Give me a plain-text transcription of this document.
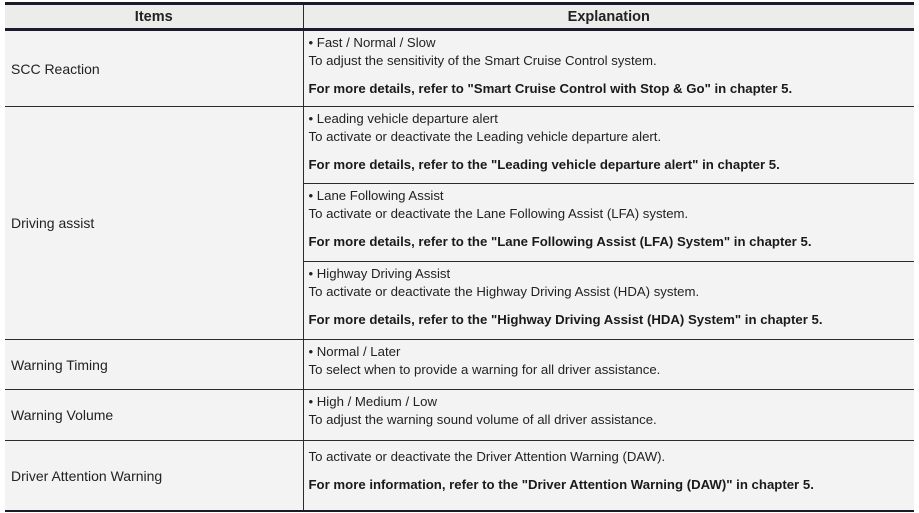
Items	Explanation
SCC Reaction	• Fast / Normal / Slow
To adjust the sensitivity of the Smart Cruise Control system.
For more details, refer to "Smart Cruise Control with Stop & Go" in chapter 5.

Driving assist	• Leading vehicle departure alert
To activate or deactivate the Leading vehicle departure alert.
For more details, refer to the "Leading vehicle departure alert" in chapter 5.

	• Lane Following Assist
To activate or deactivate the Lane Following Assist (LFA) system.
For more details, refer to the "Lane Following Assist (LFA) System" in chapter 5.

	• Highway Driving Assist
To activate or deactivate the Highway Driving Assist (HDA) system.
For more details, refer to the "Highway Driving Assist (HDA) System" in chapter 5.

Warning Timing	• Normal / Later
To select when to provide a warning for all driver assistance.

Warning Volume	• High / Medium / Low
To adjust the warning sound volume of all driver assistance.

Driver Attention Warning	To activate or deactivate the Driver Attention Warning (DAW).
For more information, refer to the "Driver Attention Warning (DAW)" in chapter 5.
